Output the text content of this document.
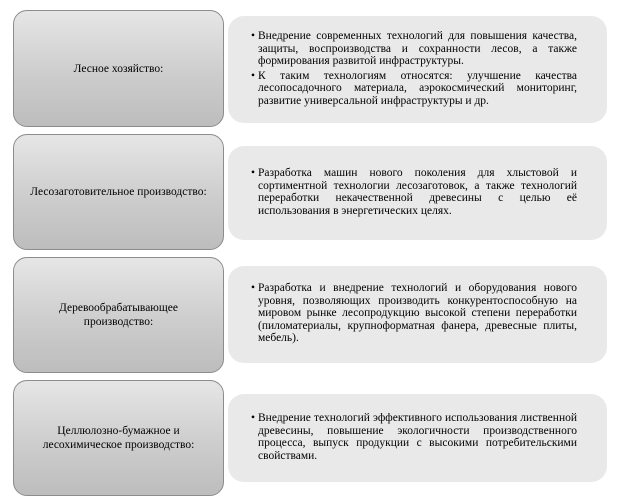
Лесное хозяйство:
• Внедрение современных технологий для повышения качества, защиты, воспроизводства и сохранности лесов, а также формирования развитой инфраструктуры.
• К таким технологиям относятся: улучшение качества лесопосадочного материала, аэрокосмический мониторинг, развитие универсальной инфраструктуры и др.
Лесозаготовительное производство:
• Разработка машин нового поколения для хлыстовой и сортиментной технологии лесозаготовок, а также технологий переработки некачественной древесины с целью её использования в энергетических целях.
Деревообрабатывающее производство:
• Разработка и внедрение технологий и оборудования нового уровня, позволяющих производить конкурентоспособную на мировом рынке лесопродукцию высокой степени переработки (пиломатериалы, крупноформатная фанера, древесные плиты, мебель).
Целлюлозно-бумажное и лесохимическое производство:
• Внедрение технологий эффективного использования лиственной древесины, повышение экологичности производственного процесса, выпуск продукции с высокими потребительскими свойствами.
